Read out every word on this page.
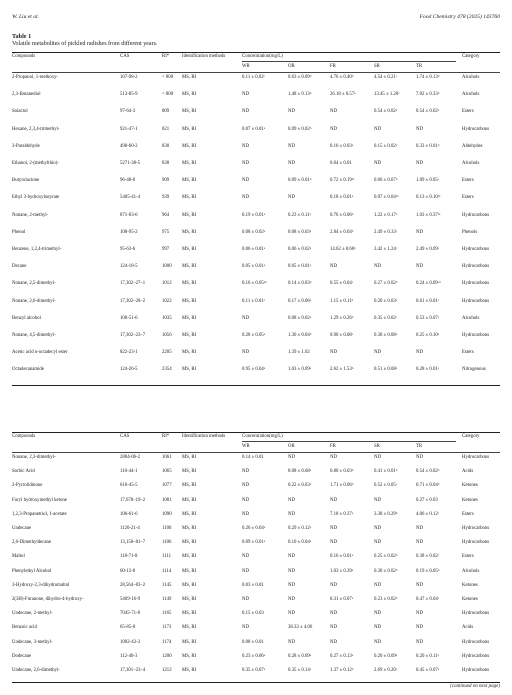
W. Liu et al.	Food Chemistry 478 (2025) 143760
Table 1
Volatile metabolites of pickled radishes from different years.
Compounds	CAS	RI*	Identification methods	Category
Concentration(mg/L)
WR	OR	FR	SR	TR
2-Propanol, 1-methoxy-	107-98-2	< 800	MS, RI	0.11 ± 0.02ᵉ	0.63 ± 0.09ᵇ	4.76 ± 0.40ᵇ	4.54 ± 0.21ᶜ	1.74 ± 0.13ᵈ	Alcohols
2,3-Butanediol	513-85-9	< 800	MS, RI	ND	1.48 ± 0.13ᵈ	26.18 ± 0.57ᵃ	13.45 ± 1.20ᶜ	7.02 ± 0.33ᵈ	Alcohols
Solactol	97-64-3	809	MS, RI	ND	ND	ND	0.54 ± 0.02ᵃ	0.54 ± 0.02ᵃ	Esters
Hexane, 2,3,4-trimethyl-	921-47-1	821	MS, RI	0.07 ± 0.01ᵃ	0.09 ± 0.02ᵇ	ND	ND	ND	Hydrocarbons
3-Paraldehyde	498-60-2	830	MS, RI	ND	ND	0.16 ± 0.03ᵃ	0.15 ± 0.02ᵃ	0.33 ± 0.01ᵇ	Aldehydes
Ethanol, 2-(methylthio)-	5271-38-5	838	MS, RI	ND	ND	0.04 ± 0.01	ND	ND	Alcohols
Butyrolactone	96-48-0	909	MS, RI	ND	0.09 ± 0.01ᵈ	0.72 ± 0.19ᵇᶜ	0.66 ± 0.07ᵇ	1.09 ± 0.05ᶜ	Esters
Ethyl 3-hydroxybutyrate	5405-41-4	939	MS, RI	ND	ND	0.18 ± 0.01ᵃ	0.07 ± 0.04ᵃᵇ	0.13 ± 0.10ᵇᶜ	Esters
Nonane, 2-methyl-	871-83-0	964	MS, RI	0.19 ± 0.01ᵃ	0.23 ± 0.11ᵃ	0.76 ± 0.06ᵇ	1.22 ± 0.17ᵃ	1.03 ± 0.37ᵇᶜ	Hydrocarbons
Phenol	108-95-2	975	MS, RI	0.08 ± 0.02ᵃ	0.08 ± 0.03ᵃ	2.84 ± 0.04ᵇ	2.49 ± 0.33ᶜ	ND	Phenols
Benzene, 1,2,4-trimethyl-	95-63-6	997	MS, RI	0.06 ± 0.01ᵃ	0.06 ± 0.02ᵃ	14.62 ± 0.66ᵇ	3.42 ± 1.24ᶜ	2.49 ± 0.09ᶜ	Hydrocarbons
Decane	124-18-5	1000	MS, RI	0.05 ± 0.01ᵃ	0.05 ± 0.01ᵃ	ND	ND	ND	Hydrocarbons
Nonane, 2,5-dimethyl-	17,302–27–1	1012	MS, RI	0.16 ± 0.05ᵃᵇ	0.14 ± 0.03ᵇ	0.55 ± 0.04ᶜ	0.27 ± 0.02ᵈ	0.24 ± 0.09ᶜᵈ	Hydrocarbons
Nonane, 2,6-dimethyl-	17,302–28–2	1022	MS, RI	0.11 ± 0.01ᵃ	0.17 ± 0.06ᵃ	1.15 ± 0.11ᵇ	0.20 ± 0.03ᵃ	0.61 ± 0.01ᶜ	Hydrocarbons
Benzyl alcohol	100-51-6	1035	MS, RI	ND	0.08 ± 0.02ᵃ	1.29 ± 0.26ᵇ	0.35 ± 0.02ᶜ	0.53 ± 0.07ᶜ	Alcohols
Nonane, 4,5-dimethyl-	17,302–23–7	1056	MS, RI	0.28 ± 0.05ᵃ	1.30 ± 0.04ᵇ	0.90 ± 0.08ᶜ	0.30 ± 0.08ᵃ	0.25 ± 0.10ᵃ	Hydrocarbons
Acetic acid n-octadecyl ester	822-23-1	2205	MS, RI	ND	1.39 ± 1.02	ND	ND	ND	Esters
Octadecanamide	124-26-5	2354	MS, RI	0.95 ± 0.04ᵃ	1.03 ± 0.09ᵃ	2.62 ± 1.53ᵇ	0.51 ± 0.08ᵃ	0.28 ± 0.01ᵃ	Nitrogenous
Compounds	CAS	RI*	Identification methods	Category
Concentration(mg/L)
WR	OR	FR	SR	TR
Nonane, 2,3-dimethyl-	2884-06-2	1061	MS, RI	0.14 ± 0.01	ND	ND	ND	ND	Hydrocarbons
Sorbic Acid	110-44-1	1065	MS, RI	ND	8.08 ± 0.68ᵃ	0.80 ± 0.03ᵇ	0.41 ± 0.01ᵇ	0.54 ± 0.02ᵇ	Acids
2-Pyrrolidinone	616-45-5	1077	MS, RI	ND	0.22 ± 0.03ᵃ	1.71 ± 0.06ᵇ	0.52 ± 0.05ᶜ	0.71 ± 0.04ᵈ	Ketones
Furyl hydroxymethyl ketone	17,678–19–2	1081	MS, RI	ND	ND	ND	ND	0.27 ± 0.03	Ketones
1,2,3-Propanetriol, 1-acetate	106-61-6	1090	MS, RI	ND	ND	7.18 ± 0.37ᵃ	3.38 ± 0.29ᵇ	4.06 ± 0.12ᶜ	Esters
Undecane	1120-21-4	1100	MS, RI	0.26 ± 0.04ᵃ	0.29 ± 0.12ᵃ	ND	ND	ND	Hydrocarbons
2,6-Dimethyldecane	13,150–81–7	1106	MS, RI	0.09 ± 0.01ᵃ	0.10 ± 0.04ᵃ	ND	ND	ND	Hydrocarbons
Maltol	118-71-8	1111	MS, RI	ND	ND	0.16 ± 0.01ᵃ	0.25 ± 0.02ᵇ	0.38 ± 0.02ᶜ	Esters
Phenylethyl Alcohol	60-12-8	1114	MS, RI	ND	ND	1.03 ± 0.39ᵃ	0.30 ± 0.02ᵇ	0.19 ± 0.05ᵇ	Alcohols
3-Hydroxy-2,3-dihydromaltol	28,564–83–2	1145	MS, RI	0.03 ± 0.01	ND	ND	ND	ND	Ketones
2(3H)-Furanone, dihydro-4-hydroxy-	5469-16-9	1149	MS, RI	ND	ND	0.31 ± 0.07ᵃ	0.23 ± 0.02ᵇ	0.47 ± 0.04ᶜ	Ketones
Undecane, 2-methyl-	7045-71-8	1165	MS, RI	0.15 ± 0.03	ND	ND	ND	ND	Hydrocarbons
Benzoic acid	65-85-0	1173	MS, RI	ND	38.33 ± 4.06	ND	ND	ND	Acids
Undecane, 3-methyl-	1002-43-3	1174	MS, RI	0.08 ± 0.01	ND	ND	ND	ND	Hydrocarbons
Dodecane	112-40-3	1200	MS, RI	0.23 ± 0.06ᵃ	0.28 ± 0.09ᵃ	0.27 ± 0.13ᵃ	0.20 ± 0.09ᵃ	0.20 ± 0.11ᵃ	Hydrocarbons
Undecane, 2,6-dimethyl-	17,301–23–4	1212	MS, RI	0.35 ± 0.07ᵃ	0.35 ± 0.14ᵃ	1.37 ± 0.12ᵇ	2.69 ± 0.20ᶜ	0.45 ± 0.07ᵃ	Hydrocarbons
(continued on next page)
